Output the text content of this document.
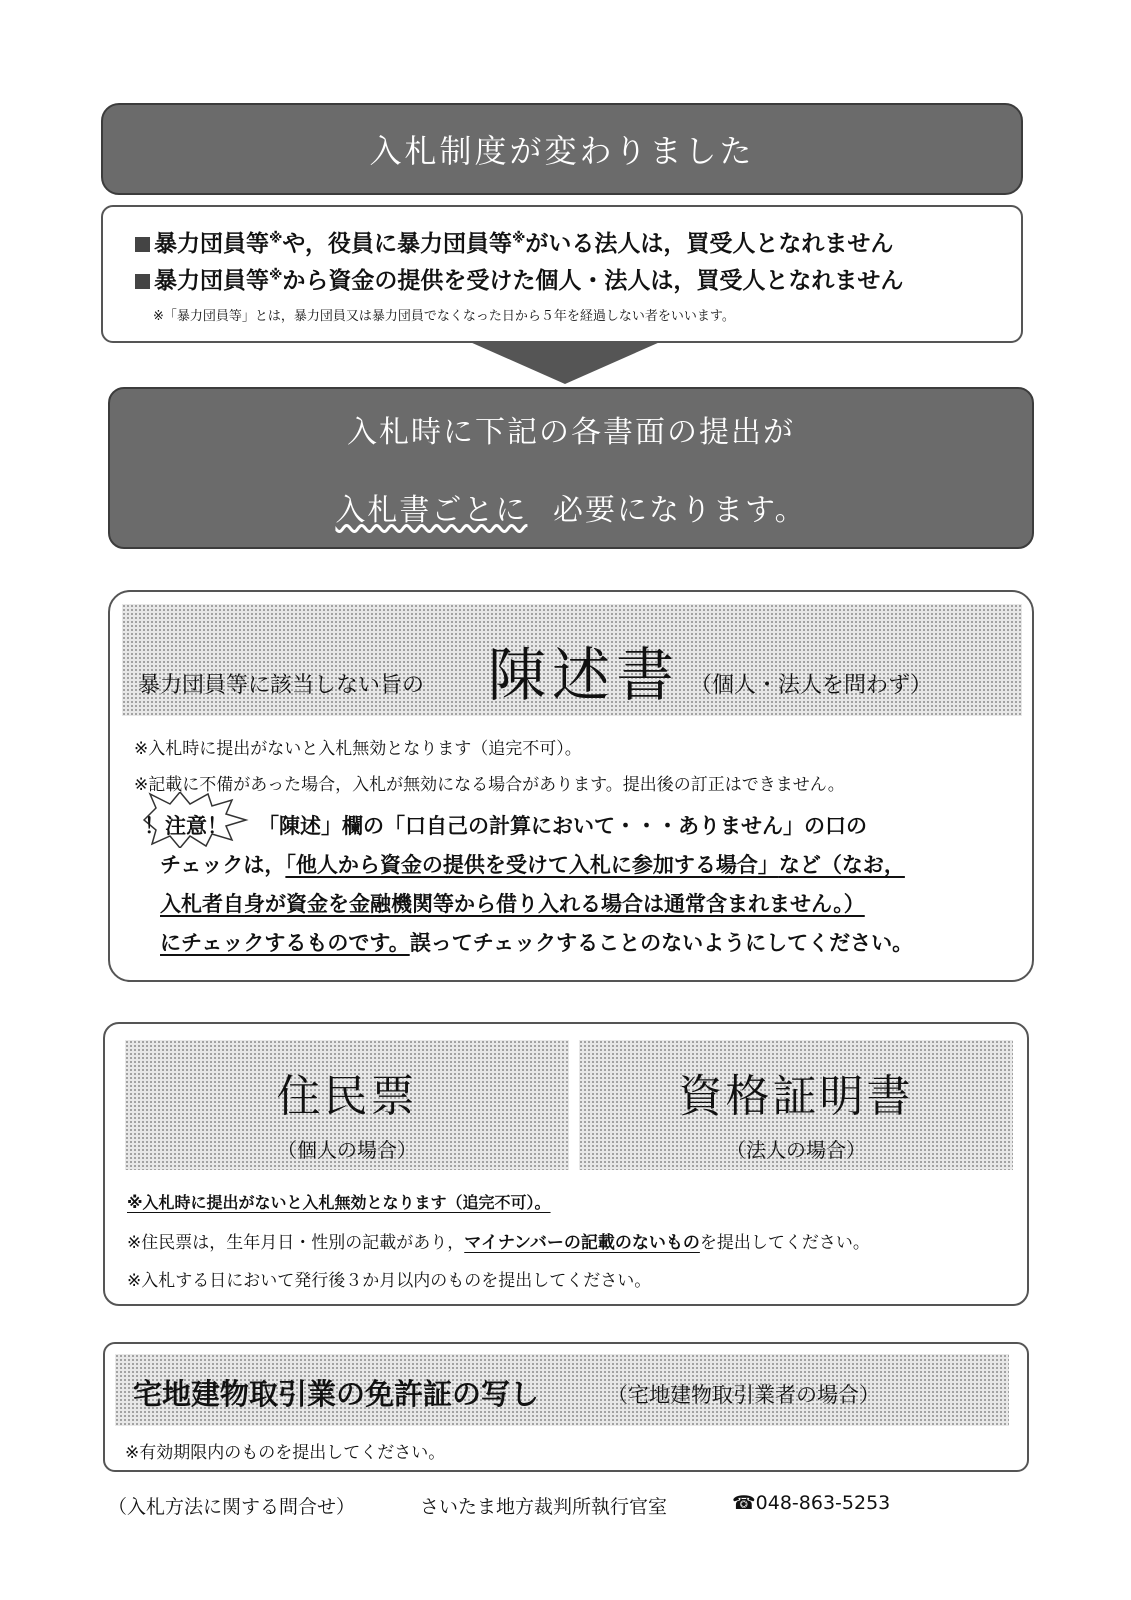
入札制度が変わりました
暴力団員等※や，役員に暴力団員等※がいる法人は，買受人となれません
暴力団員等※から資金の提供を受けた個人・法人は，買受人となれません
※「暴力団員等」とは，暴力団員又は暴力団員でなくなった日から５年を経過しない者をいいます。
入札時に下記の各書面の提出が
入札書ごとに 必要になります。
暴力団員等に該当しない旨の 陳述書 （個人・法人を問わず）
※入札時に提出がないと入札無効となります（追完不可）。
※記載に不備があった場合，入札が無効になる場合があります。提出後の訂正はできません。
！注意！ 「陳述」欄の「口自己の計算において・・・ありません」の口の
チェックは，「他人から資金の提供を受けて入札に参加する場合」など（なお，
入札者自身が資金を金融機関等から借り入れる場合は通常含まれません。）
にチェックするものです。誤ってチェックすることのないようにしてください。
住民票
（個人の場合）
資格証明書
（法人の場合）
※入札時に提出がないと入札無効となります（追完不可）。
※住民票は，生年月日・性別の記載があり，マイナンバーの記載のないものを提出してください。
※入札する日において発行後３か月以内のものを提出してください。
宅地建物取引業の免許証の写し	（宅地建物取引業者の場合）
※有効期限内のものを提出してください。
（入札方法に関する問合せ）	さいたま地方裁判所執行官室	☎048-863-5253
